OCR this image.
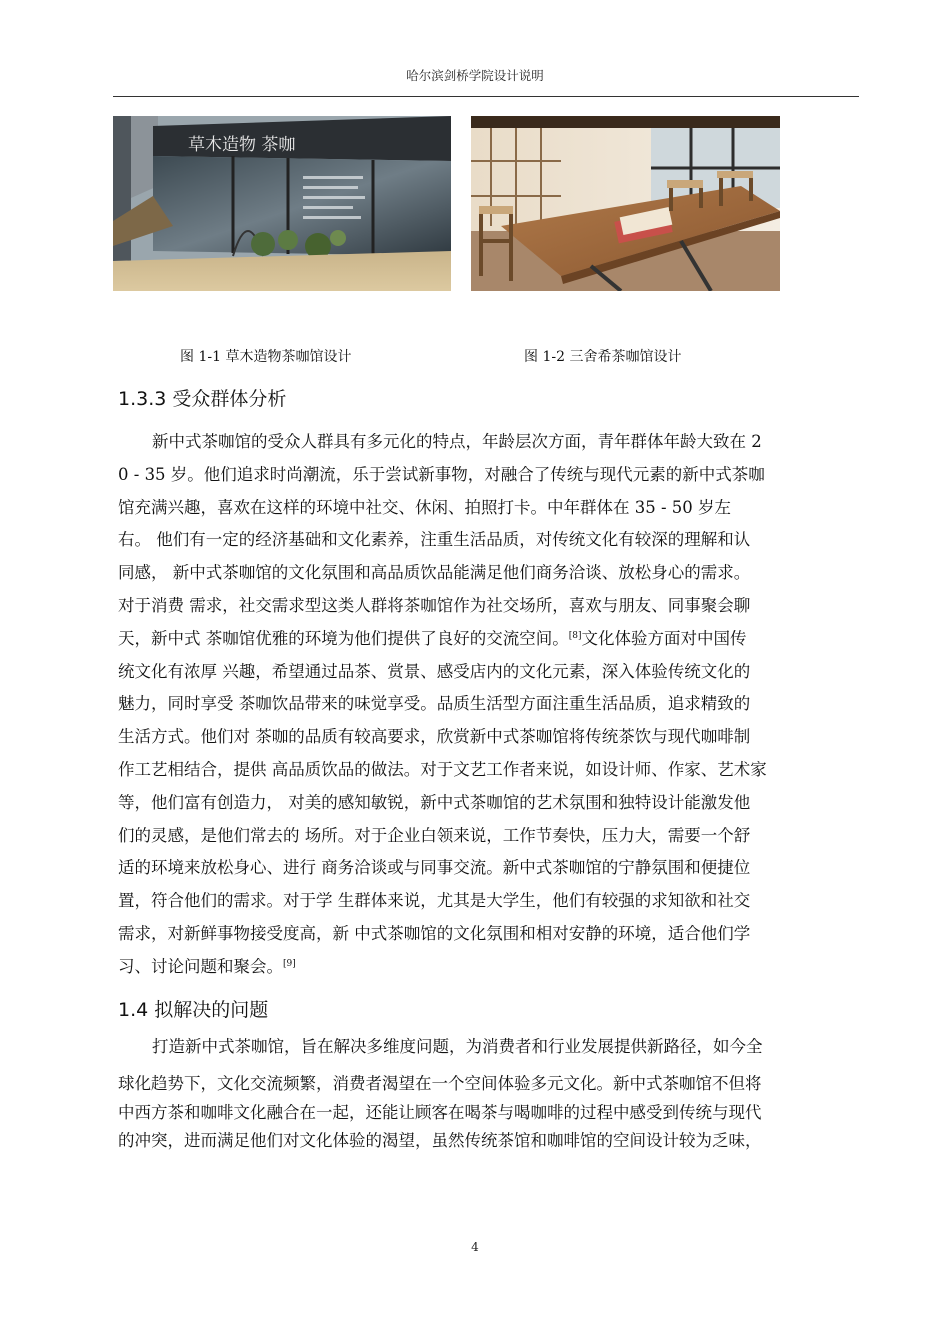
哈尔滨剑桥学院设计说明
草木造物 茶咖
图 1-1 草木造物茶咖馆设计	图 1-2 三舍希茶咖馆设计
1.3.3 受众群体分析
新中式茶咖馆的受众人群具有多元化的特点，年龄层次方面，青年群体年龄大致在 2
0 - 35 岁。他们追求时尚潮流，乐于尝试新事物，对融合了传统与现代元素的新中式茶咖
馆充满兴趣，喜欢在这样的环境中社交、休闲、拍照打卡。中年群体在 35 - 50 岁左
右。 他们有一定的经济基础和文化素养，注重生活品质，对传统文化有较深的理解和认
同感， 新中式茶咖馆的文化氛围和高品质饮品能满足他们商务洽谈、放松身心的需求。
对于消费 需求，社交需求型这类人群将茶咖馆作为社交场所，喜欢与朋友、同事聚会聊
天，新中式 茶咖馆优雅的环境为他们提供了良好的交流空间。[8]文化体验方面对中国传
统文化有浓厚 兴趣，希望通过品茶、赏景、感受店内的文化元素，深入体验传统文化的
魅力，同时享受 茶咖饮品带来的味觉享受。品质生活型方面注重生活品质，追求精致的
生活方式。他们对 茶咖的品质有较高要求，欣赏新中式茶咖馆将传统茶饮与现代咖啡制
作工艺相结合，提供 高品质饮品的做法。对于文艺工作者来说，如设计师、作家、艺术家
等，他们富有创造力， 对美的感知敏锐，新中式茶咖馆的艺术氛围和独特设计能激发他
们的灵感，是他们常去的 场所。对于企业白领来说，工作节奏快，压力大，需要一个舒
适的环境来放松身心、进行 商务洽谈或与同事交流。新中式茶咖馆的宁静氛围和便捷位
置，符合他们的需求。对于学 生群体来说，尤其是大学生，他们有较强的求知欲和社交
需求，对新鲜事物接受度高，新 中式茶咖馆的文化氛围和相对安静的环境，适合他们学
习、讨论问题和聚会。[9]
1.4 拟解决的问题
打造新中式茶咖馆，旨在解决多维度问题，为消费者和行业发展提供新路径，如今全
球化趋势下，文化交流频繁，消费者渴望在一个空间体验多元文化。新中式茶咖馆不但将
中西方茶和咖啡文化融合在一起，还能让顾客在喝茶与喝咖啡的过程中感受到传统与现代
的冲突，进而满足他们对文化体验的渴望，虽然传统茶馆和咖啡馆的空间设计较为乏味，
4
